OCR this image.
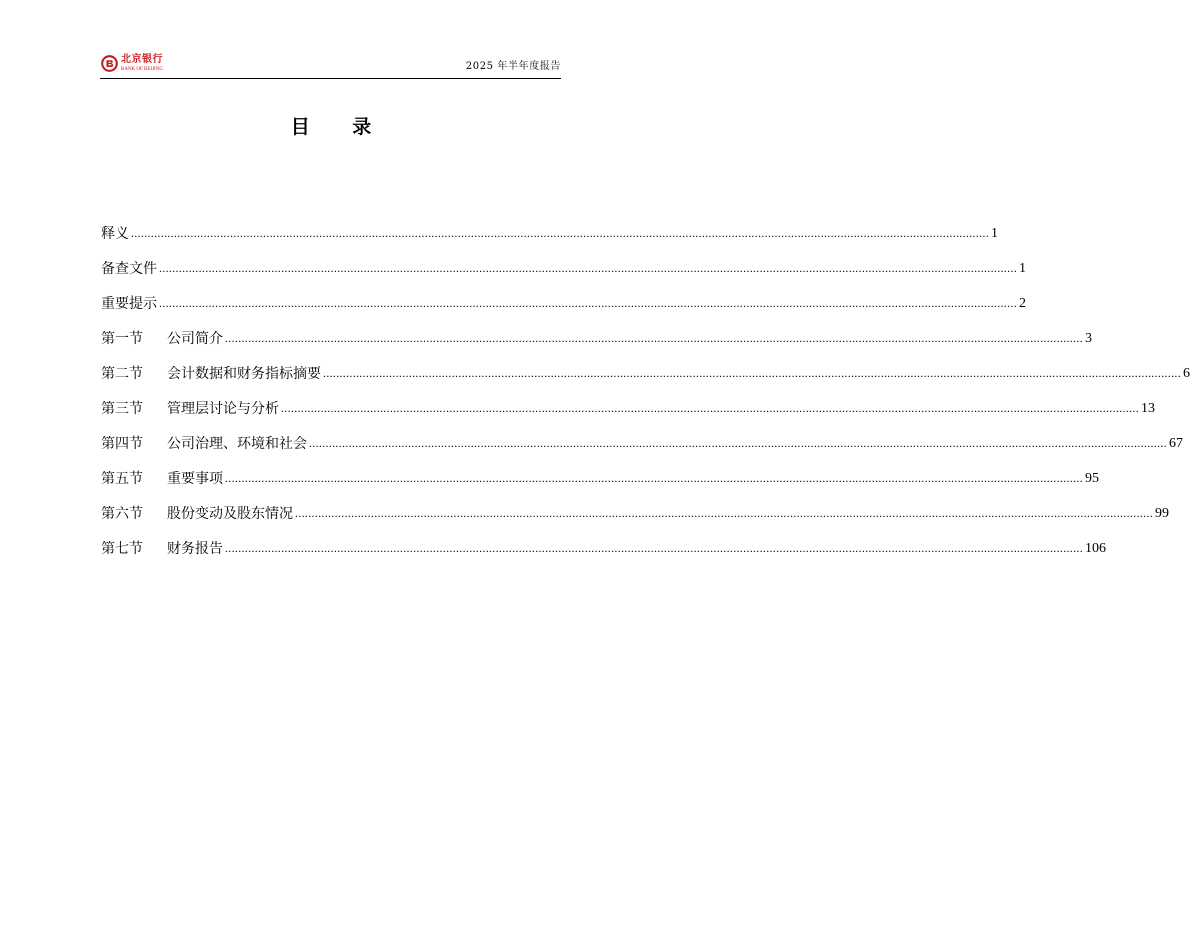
北京银行
BANK OF BEIJING	2025 年半年度报告
目 录
释义 .................................................................................................................................................................................................................................................................... 1
备查文件 .................................................................................................................................................................................................................................................................... 1
重要提示 .................................................................................................................................................................................................................................................................... 2
第一节	公司简介 .................................................................................................................................................................................................................................................................... 3
第二节	会计数据和财务指标摘要 .................................................................................................................................................................................................................................................................... 6
第三节	管理层讨论与分析 .................................................................................................................................................................................................................................................................... 13
第四节	公司治理、环境和社会 .................................................................................................................................................................................................................................................................... 67
第五节	重要事项 .................................................................................................................................................................................................................................................................... 95
第六节	股份变动及股东情况 .................................................................................................................................................................................................................................................................... 99
第七节	财务报告 .................................................................................................................................................................................................................................................................... 106
